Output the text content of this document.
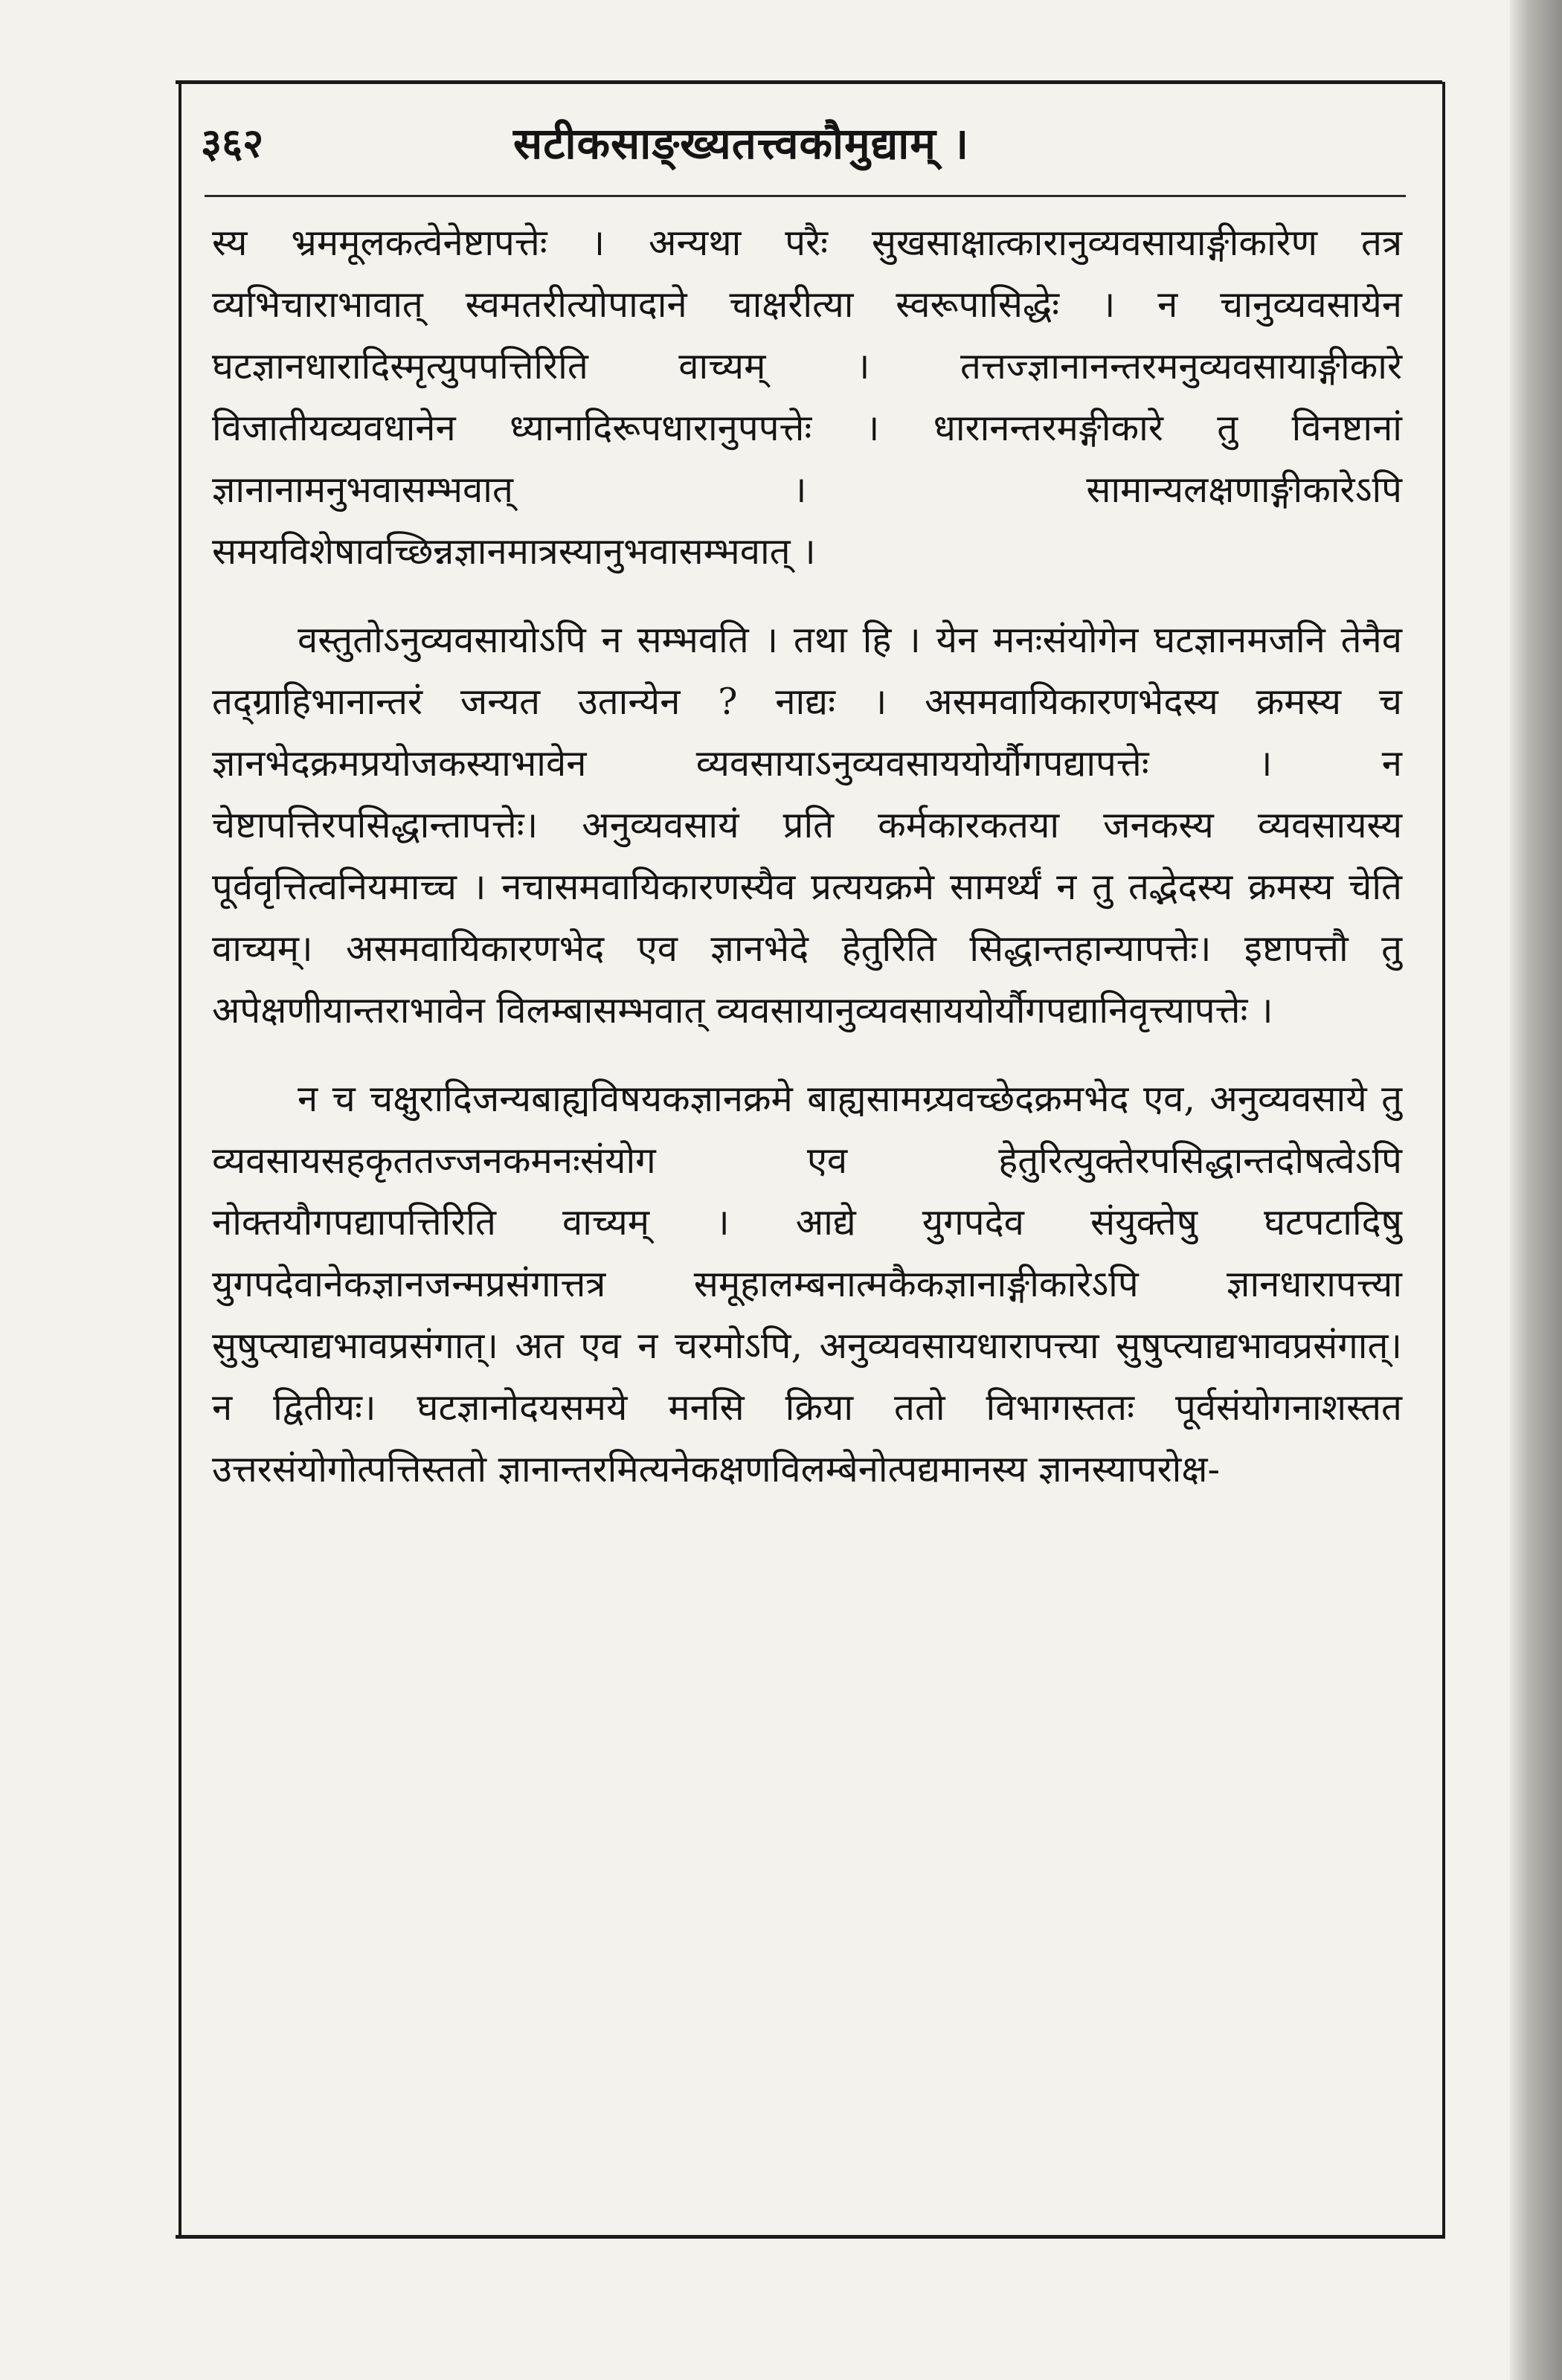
३६२	सटीकसाङ्ख्यतत्त्वकौमुद्याम् ।

स्य भ्रममूलकत्वेनेष्टापत्तेः । अन्यथा परैः सुखसाक्षात्कारानुव्यवसायाङ्गीकारेण तत्र व्यभिचाराभावात् स्वमतरीत्योपादाने चाक्षरीत्या स्वरूपासिद्धेः । न चानुव्यवसायेन घटज्ञानधारादिस्मृत्युपपत्तिरिति वाच्यम् । तत्तज्ज्ञानानन्तरमनुव्यवसायाङ्गीकारे विजातीयव्यवधानेन ध्यानादिरूपधारानुपपत्तेः । धारानन्तरमङ्गीकारे तु विनष्टानां ज्ञानानामनुभवासम्भवात् । सामान्यलक्षणाङ्गीकारेऽपि समयविशेषावच्छिन्नज्ञानमात्रस्यानुभवासम्भवात् ।

वस्तुतोऽनुव्यवसायोऽपि न सम्भवति । तथा हि । येन मनःसंयोगेन घटज्ञानमजनि तेनैव तद्ग्राहिभानान्तरं जन्यत उतान्येन ? नाद्यः । असमवायिकारणभेदस्य क्रमस्य च ज्ञानभेदक्रमप्रयोजकस्याभावेन व्यवसायाऽनुव्यवसाययोर्यौगपद्यापत्तेः । न चेष्टापत्तिरपसिद्धान्तापत्तेः। अनुव्यवसायं प्रति कर्मकारकतया जनकस्य व्यवसायस्य पूर्ववृत्तित्वनियमाच्च । नचासमवायिकारणस्यैव प्रत्ययक्रमे सामर्थ्यं न तु तद्भेदस्य क्रमस्य चेति वाच्यम्। असमवायिकारणभेद एव ज्ञानभेदे हेतुरिति सिद्धान्तहान्यापत्तेः। इष्टापत्तौ तु अपेक्षणीयान्तराभावेन विलम्बासम्भवात् व्यवसायानुव्यवसाययोर्यौगपद्यानिवृत्त्यापत्तेः ।

न च चक्षुरादिजन्यबाह्यविषयकज्ञानक्रमे बाह्यसामग्र्यवच्छेदक्रमभेद एव, अनुव्यवसाये तु व्यवसायसहकृततज्जनकमनःसंयोग एव हेतुरित्युक्तेरपसिद्धान्तदोषत्वेऽपि नोक्तयौगपद्यापत्तिरिति वाच्यम् । आद्ये युगपदेव संयुक्तेषु घटपटादिषु युगपदेवानेकज्ञानजन्मप्रसंगात्तत्र समूहालम्बनात्मकैकज्ञानाङ्गीकारेऽपि ज्ञानधारापत्त्या सुषुप्त्याद्यभावप्रसंगात्। अत एव न चरमोऽपि, अनुव्यवसायधारापत्त्या सुषुप्त्याद्यभावप्रसंगात्। न द्वितीयः। घटज्ञानोदयसमये मनसि क्रिया ततो विभागस्ततः पूर्वसंयोगनाशस्तत उत्तरसंयोगोत्पत्तिस्ततो ज्ञानान्तरमित्यनेकक्षणविलम्बेनोत्पद्यमानस्य ज्ञानस्यापरोक्ष-
